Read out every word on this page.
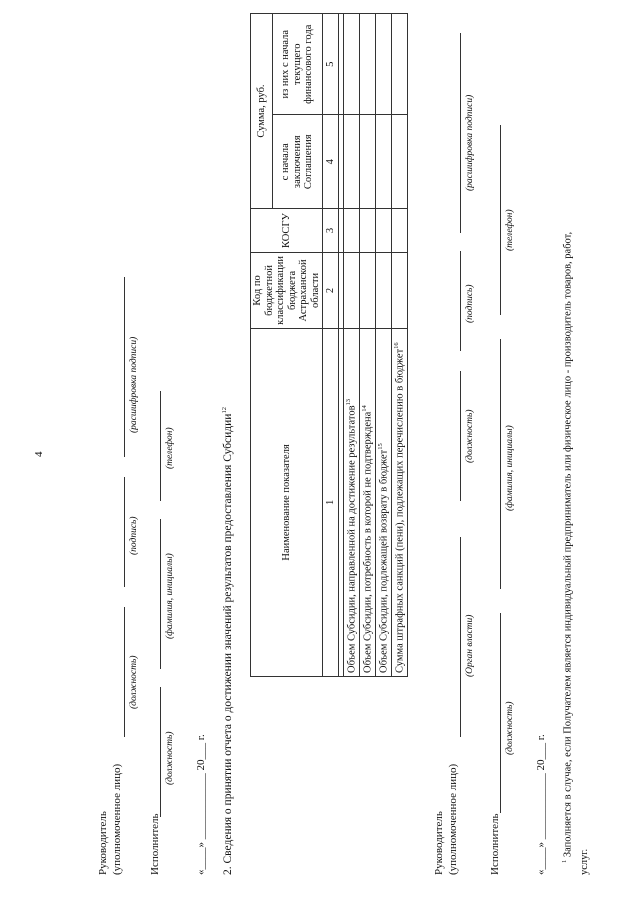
4
Руководитель (уполномоченное лицо)
(должность)
(подпись)
(расшифровка подписи)
Исполнитель
(должность)
(фамилия, инициалы)
(телефон)
«____» ____________ 20___ г. 2. Сведения о принятии отчета о достижении значений результатов предоставления Субсидии$^{12}$
Наименование показателя	Код по бюджетной классификации бюджета Астраханской области	КОСГУ	Сумма, руб.	
			с начала заключения Соглашения	из них с начала текущего финансового года
1	2	3	4	5

Объем Субсидии, направленной на достижение результатов$^{13}$				
Объем Субсидии, потребность в которой не подтверждена$^{14}$				
Объем Субсидии, подлежащей возврату в бюджет$^{15}$				
Сумма штрафных санкций (пени), подлежащих перечислению в бюджет$^{16}$				
Руководитель (уполномоченное лицо)
(Орган власти)
(должность)
(подпись)
(расшифровка подписи)
Исполнитель
(должность)
(фамилия, инициалы)
(телефон)
«____» ____________ 20___ г. $^1$ Заполняется в случае, если Получателем является индивидуальный предприниматель или физическое лицо - производитель товаров, работ,
услуг.
